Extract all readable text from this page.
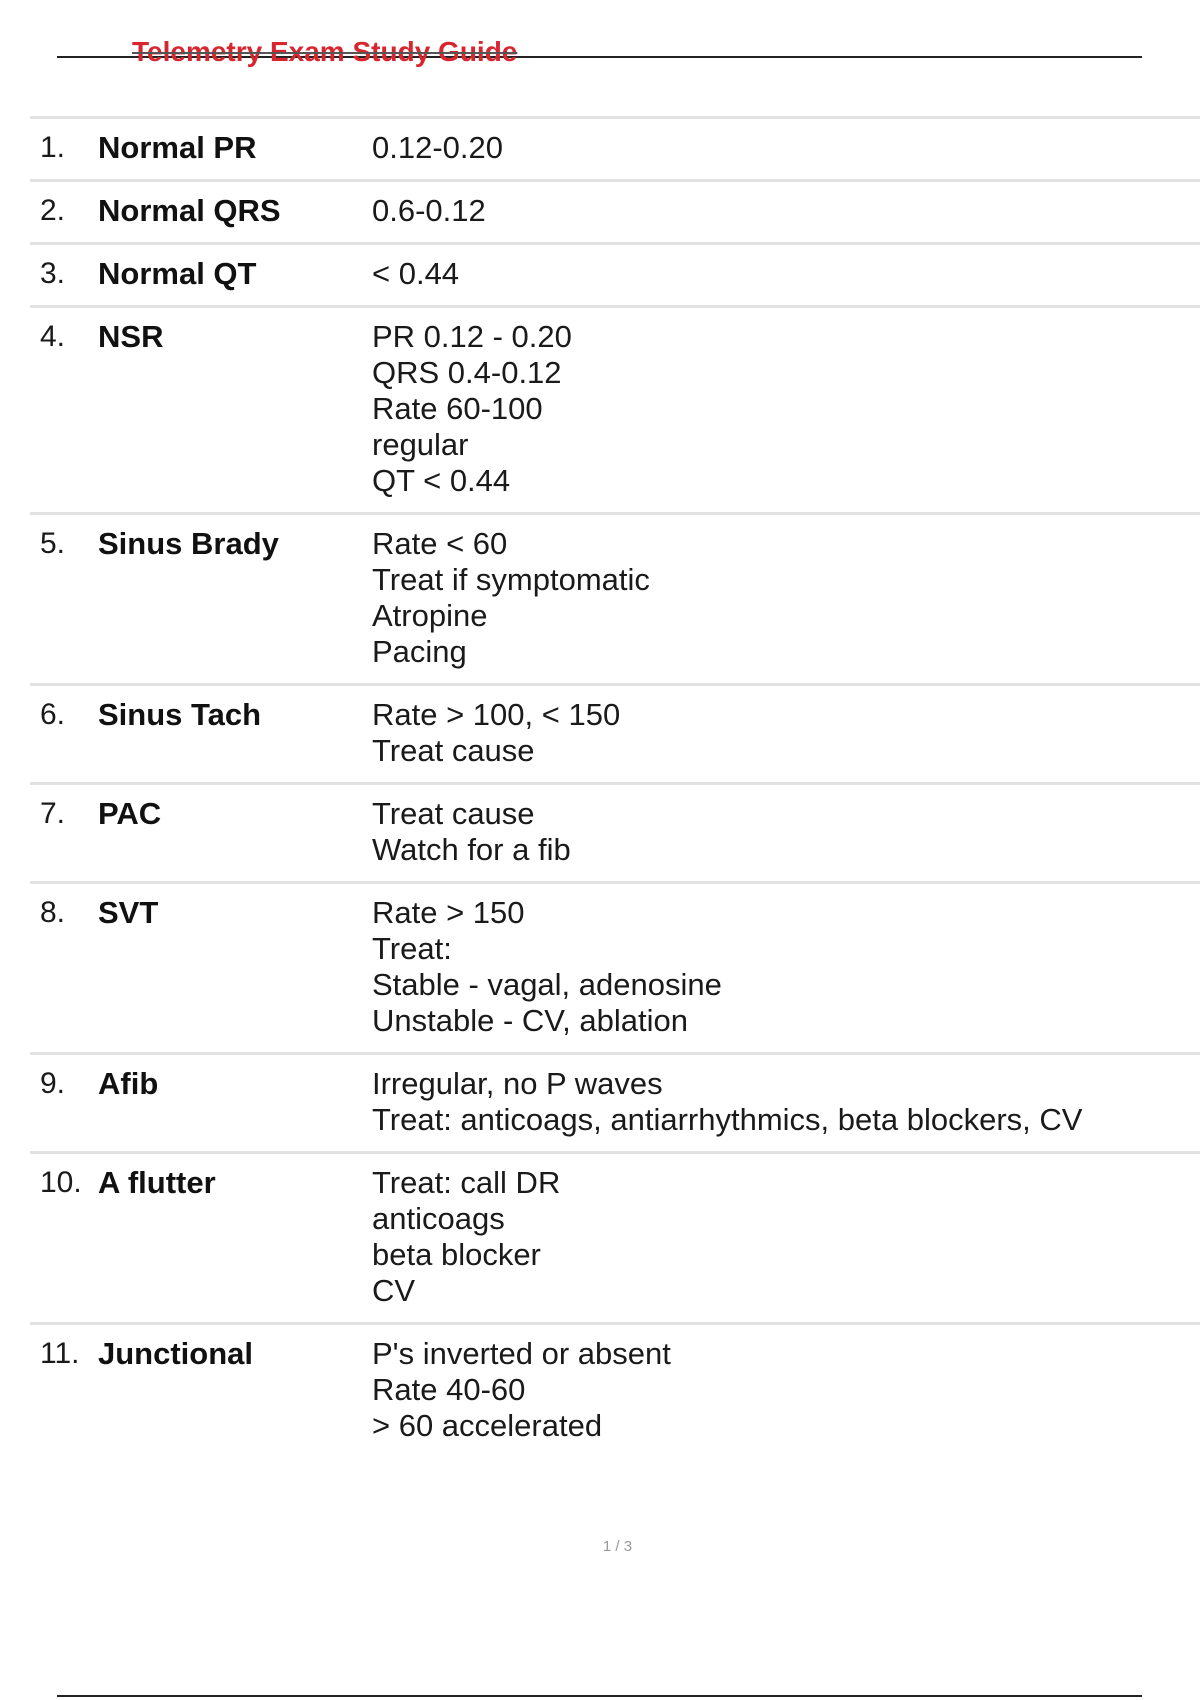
Telemetry Exam Study Guide
1.	Normal PR	0.12-0.20
2.	Normal QRS	0.6-0.12
3.	Normal QT	< 0.44
4.	NSR	PR 0.12 - 0.20
QRS 0.4-0.12
Rate 60-100
regular
QT < 0.44
5.	Sinus Brady	Rate < 60
Treat if symptomatic
Atropine
Pacing
6.	Sinus Tach	Rate > 100, < 150
Treat cause
7.	PAC	Treat cause
Watch for a fib
8.	SVT	Rate > 150
Treat:
Stable - vagal, adenosine
Unstable - CV, ablation
9.	Afib	Irregular, no P waves
Treat: anticoags, antiarrhythmics, beta blockers, CV
10. A flutter	Treat: call DR
anticoags
beta blocker
CV
11. Junctional	P's inverted or absent
Rate 40-60
> 60 accelerated
1 / 3
